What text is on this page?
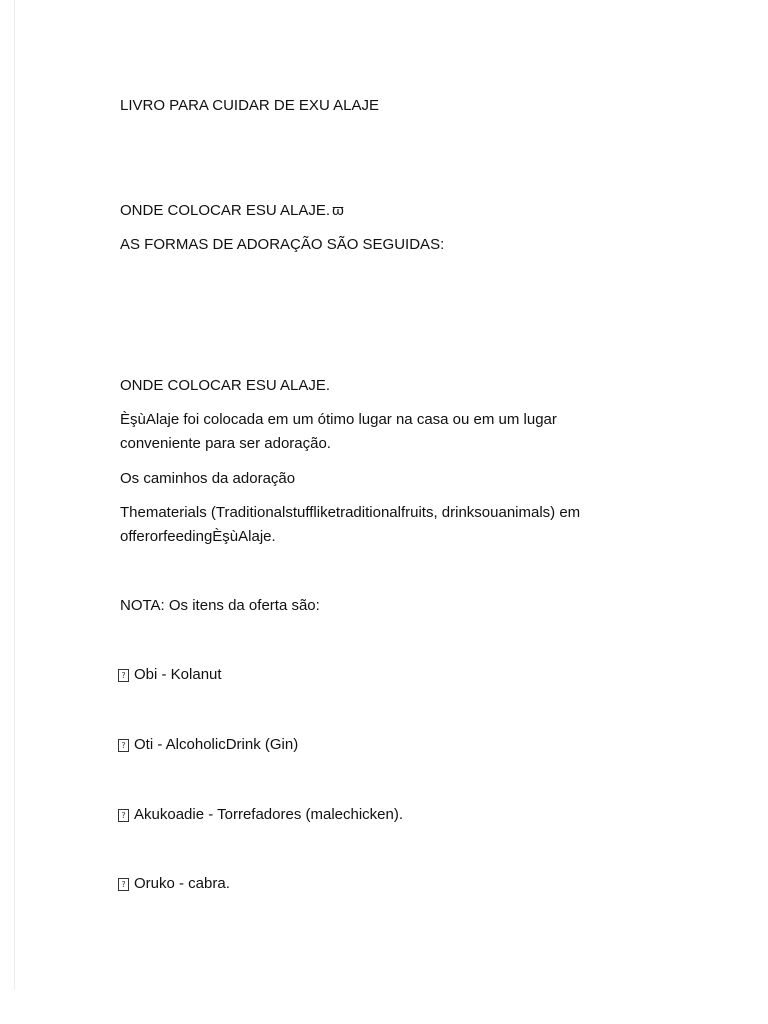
LIVRO PARA CUIDAR DE EXU ALAJE
ONDE COLOCAR ESU ALAJE. ϖ
AS FORMAS DE ADORAÇÃO SÃO SEGUIDAS:
ONDE COLOCAR ESU ALAJE.
ÈşùAlaje foi colocada em um ótimo lugar na casa ou em um lugar
conveniente para ser adoração.
Os caminhos da adoração
Thematerials (Traditionalstuffliketraditionalfruits, drinksouanimals) em
offerorfeedingÈşùAlaje.
NOTA: Os itens da oferta são:
? Obi - Kolanut
? Oti - AlcoholicDrink (Gin)
? Akukoadie - Torrefadores (malechicken).
? Oruko - cabra.
